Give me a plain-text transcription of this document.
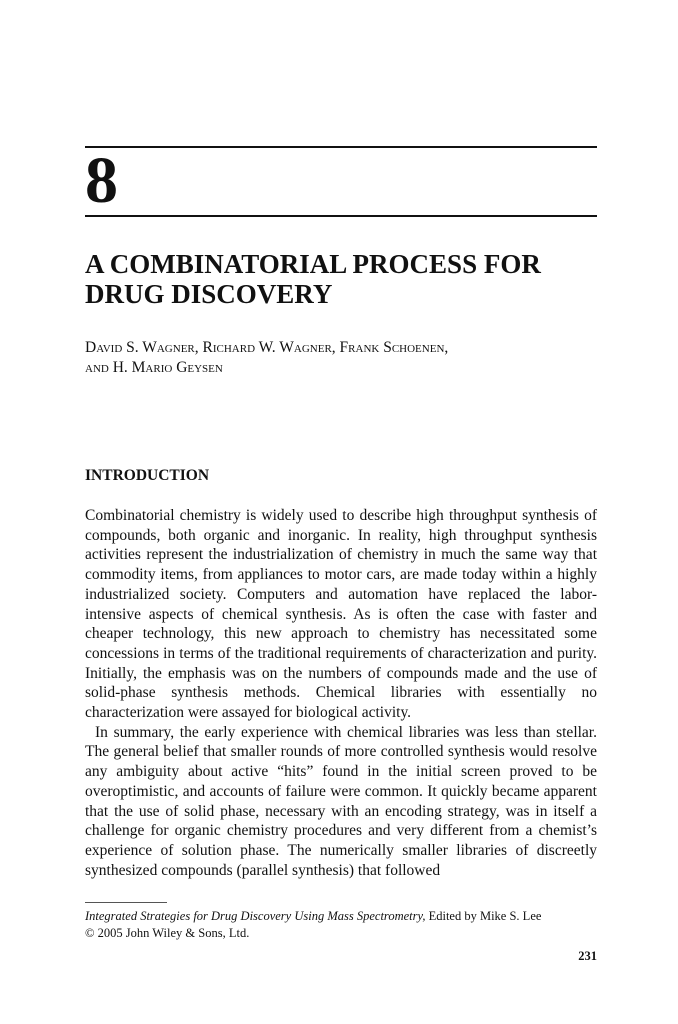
8
A COMBINATORIAL PROCESS FOR
DRUG DISCOVERY

David S. Wagner, Richard W. Wagner, Frank Schoenen,
and H. Mario Geysen

INTRODUCTION

Combinatorial chemistry is widely used to describe high throughput synthesis of compounds, both organic and inorganic. In reality, high throughput synthesis activities represent the industrialization of chemistry in much the same way that commodity items, from appliances to motor cars, are made today within a highly industrialized society. Computers and automation have replaced the labor-intensive aspects of chemical synthesis. As is often the case with faster and cheaper technology, this new approach to chemistry has necessitated some concessions in terms of the traditional requirements of characterization and purity. Initially, the emphasis was on the numbers of compounds made and the use of solid-phase synthesis methods. Chemical libraries with essentially no characterization were assayed for biological activity.

In summary, the early experience with chemical libraries was less than stellar. The general belief that smaller rounds of more controlled synthesis would resolve any ambiguity about active “hits” found in the initial screen proved to be overoptimistic, and accounts of failure were common. It quickly became apparent that the use of solid phase, necessary with an encoding strategy, was in itself a challenge for organic chemistry procedures and very different from a chemist’s experience of solution phase. The numerically smaller libraries of discreetly synthesized compounds (parallel synthesis) that followed

Integrated Strategies for Drug Discovery Using Mass Spectrometry, Edited by Mike S. Lee
© 2005 John Wiley & Sons, Ltd.
231
